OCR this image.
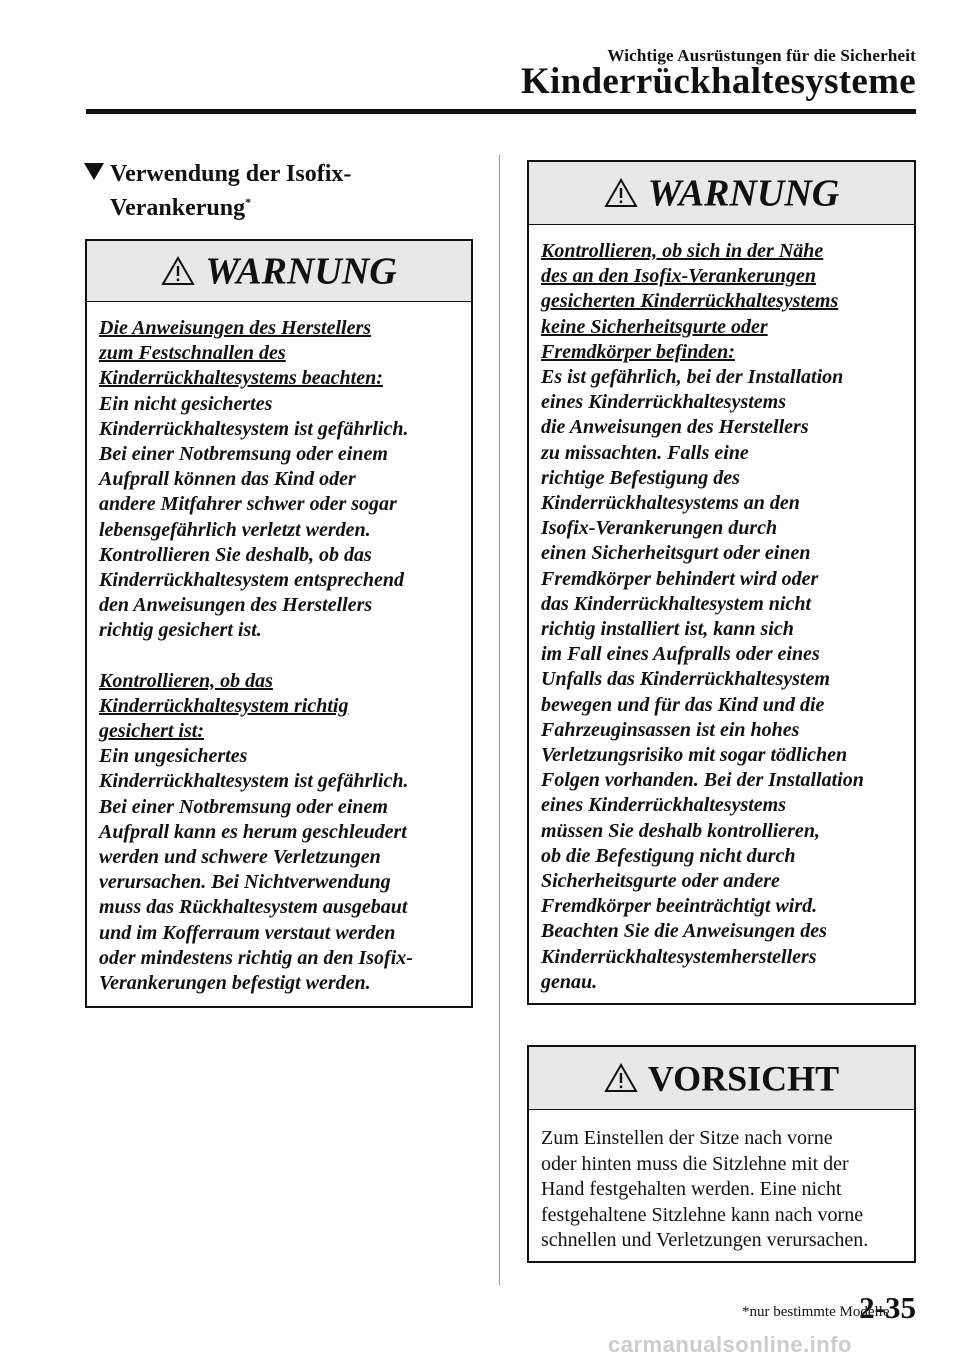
Wichtige Ausrüstungen für die Sicherheit
Kinderrückhaltesysteme
Verwendung der Isofix-
Verankerung*
WARNUNG
Die Anweisungen des Herstellers
zum Festschnallen des
Kinderrückhaltesystems beachten:
Ein nicht gesichertes
Kinderrückhaltesystem ist gefährlich.
Bei einer Notbremsung oder einem
Aufprall können das Kind oder
andere Mitfahrer schwer oder sogar
lebensgefährlich verletzt werden.
Kontrollieren Sie deshalb, ob das
Kinderrückhaltesystem entsprechend
den Anweisungen des Herstellers
richtig gesichert ist.
Kontrollieren, ob das
Kinderrückhaltesystem richtig
gesichert ist:
Ein ungesichertes
Kinderrückhaltesystem ist gefährlich.
Bei einer Notbremsung oder einem
Aufprall kann es herum geschleudert
werden und schwere Verletzungen
verursachen. Bei Nichtverwendung
muss das Rückhaltesystem ausgebaut
und im Kofferraum verstaut werden
oder mindestens richtig an den Isofix-
Verankerungen befestigt werden.
WARNUNG
Kontrollieren, ob sich in der Nähe
des an den Isofix-Verankerungen
gesicherten Kinderrückhaltesystems
keine Sicherheitsgurte oder
Fremdkörper befinden:
Es ist gefährlich, bei der Installation
eines Kinderrückhaltesystems
die Anweisungen des Herstellers
zu missachten. Falls eine
richtige Befestigung des
Kinderrückhaltesystems an den
Isofix-Verankerungen durch
einen Sicherheitsgurt oder einen
Fremdkörper behindert wird oder
das Kinderrückhaltesystem nicht
richtig installiert ist, kann sich
im Fall eines Aufpralls oder eines
Unfalls das Kinderrückhaltesystem
bewegen und für das Kind und die
Fahrzeuginsassen ist ein hohes
Verletzungsrisiko mit sogar tödlichen
Folgen vorhanden. Bei der Installation
eines Kinderrückhaltesystems
müssen Sie deshalb kontrollieren,
ob die Befestigung nicht durch
Sicherheitsgurte oder andere
Fremdkörper beeinträchtigt wird.
Beachten Sie die Anweisungen des
Kinderrückhaltesystemherstellers
genau.
VORSICHT
Zum Einstellen der Sitze nach vorne
oder hinten muss die Sitzlehne mit der
Hand festgehalten werden. Eine nicht
festgehaltene Sitzlehne kann nach vorne
schnellen und Verletzungen verursachen.
*nur bestimmte Modelle
2-35
carmanualsonline.info
